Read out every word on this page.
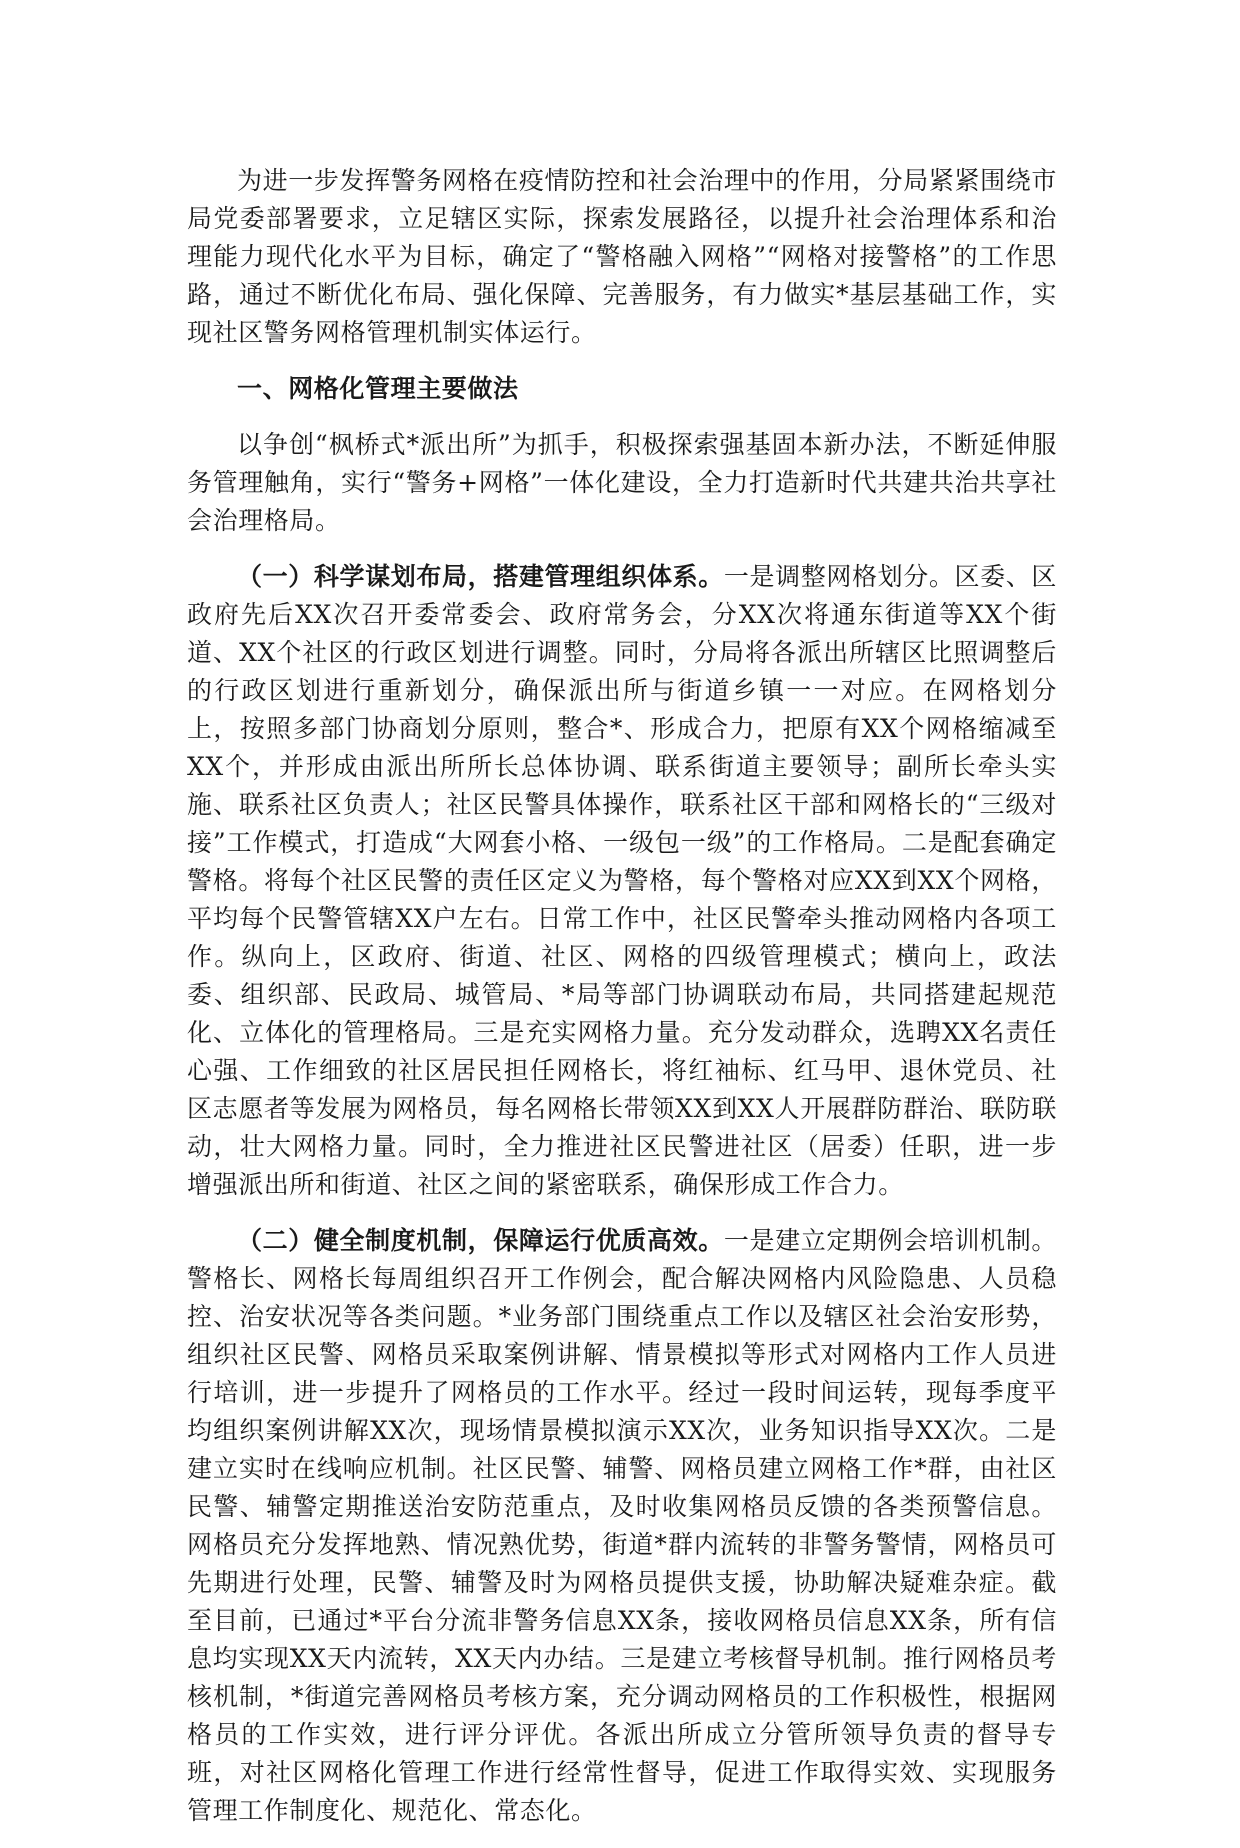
为进一步发挥警务网格在疫情防控和社会治理中的作用，分局紧紧围绕市局党委部署要求，立足辖区实际，探索发展路径，以提升社会治理体系和治理能力现代化水平为目标，确定了“警格融入网格”“网格对接警格”的工作思路，通过不断优化布局、强化保障、完善服务，有力做实*基层基础工作，实现社区警务网格管理机制实体运行。

一、网格化管理主要做法

以争创“枫桥式*派出所”为抓手，积极探索强基固本新办法，不断延伸服务管理触角，实行“警务+网格”一体化建设，全力打造新时代共建共治共享社会治理格局。

（一）科学谋划布局，搭建管理组织体系。一是调整网格划分。区委、区政府先后XX次召开委常委会、政府常务会，分XX次将通东街道等XX个街道、XX个社区的行政区划进行调整。同时，分局将各派出所辖区比照调整后的行政区划进行重新划分，确保派出所与街道乡镇一一对应。在网格划分上，按照多部门协商划分原则，整合*、形成合力，把原有XX个网格缩减至XX个，并形成由派出所所长总体协调、联系街道主要领导；副所长牵头实施、联系社区负责人；社区民警具体操作，联系社区干部和网格长的“三级对接”工作模式，打造成“大网套小格、一级包一级”的工作格局。二是配套确定警格。将每个社区民警的责任区定义为警格，每个警格对应XX到XX个网格，平均每个民警管辖XX户左右。日常工作中，社区民警牵头推动网格内各项工作。纵向上，区政府、街道、社区、网格的四级管理模式；横向上，政法委、组织部、民政局、城管局、*局等部门协调联动布局，共同搭建起规范化、立体化的管理格局。三是充实网格力量。充分发动群众，选聘XX名责任心强、工作细致的社区居民担任网格长，将红袖标、红马甲、退休党员、社区志愿者等发展为网格员，每名网格长带领XX到XX人开展群防群治、联防联动，壮大网格力量。同时，全力推进社区民警进社区（居委）任职，进一步增强派出所和街道、社区之间的紧密联系，确保形成工作合力。

（二）健全制度机制，保障运行优质高效。一是建立定期例会培训机制。警格长、网格长每周组织召开工作例会，配合解决网格内风险隐患、人员稳控、治安状况等各类问题。*业务部门围绕重点工作以及辖区社会治安形势，组织社区民警、网格员采取案例讲解、情景模拟等形式对网格内工作人员进行培训，进一步提升了网格员的工作水平。经过一段时间运转，现每季度平均组织案例讲解XX次，现场情景模拟演示XX次，业务知识指导XX次。二是建立实时在线响应机制。社区民警、辅警、网格员建立网格工作*群，由社区民警、辅警定期推送治安防范重点，及时收集网格员反馈的各类预警信息。网格员充分发挥地熟、情况熟优势，街道*群内流转的非警务警情，网格员可先期进行处理，民警、辅警及时为网格员提供支援，协助解决疑难杂症。截至目前，已通过*平台分流非警务信息XX条，接收网格员信息XX条，所有信息均实现XX天内流转，XX天内办结。三是建立考核督导机制。推行网格员考核机制，*街道完善网格员考核方案，充分调动网格员的工作积极性，根据网格员的工作实效，进行评分评优。各派出所成立分管所领导负责的督导专班，对社区网格化管理工作进行经常性督导，促进工作取得实效、实现服务管理工作制度化、规范化、常态化。
